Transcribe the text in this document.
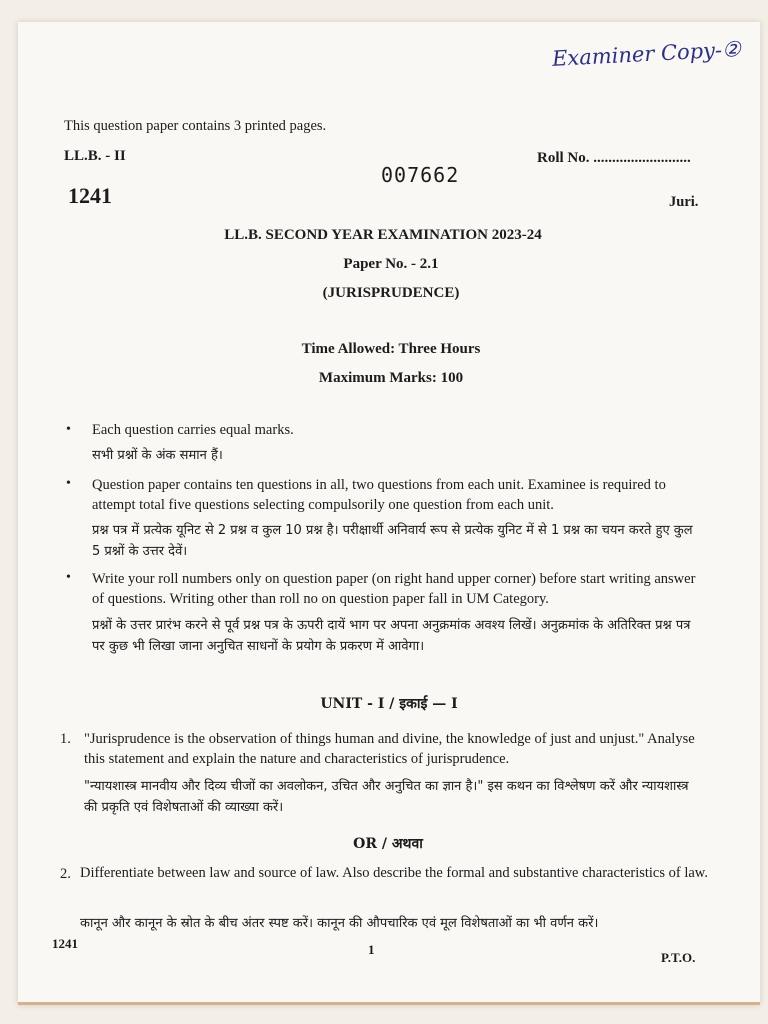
Examiner Copy-②
This question paper contains 3 printed pages.
LL.B. - II
007662
Roll No. ..........................
1241	Juri.
LL.B. SECOND YEAR EXAMINATION 2023-24
Paper No. - 2.1
(JURISPRUDENCE)
Time Allowed: Three Hours
Maximum Marks: 100
• Each question carries equal marks.
सभी प्रश्नों के अंक समान हैं।
• Question paper contains ten questions in all, two questions from each unit. Examinee is required to attempt total five questions selecting compulsorily one question from each unit.
प्रश्न पत्र में प्रत्येक यूनिट से 2 प्रश्न व कुल 10 प्रश्न है। परीक्षार्थी अनिवार्य रूप से प्रत्येक युनिट में से 1 प्रश्न का चयन करते हुए कुल 5 प्रश्नों के उत्तर देवें।
• Write your roll numbers only on question paper (on right hand upper corner) before start writing answer of questions. Writing other than roll no on question paper fall in UM Category.
प्रश्नों के उत्तर प्रारंभ करने से पूर्व प्रश्न पत्र के ऊपरी दायें भाग पर अपना अनुक्रमांक अवश्य लिखें। अनुक्रमांक के अतिरिक्त प्रश्न पत्र पर कुछ भी लिखा जाना अनुचित साधनों के प्रयोग के प्रकरण में आवेगा।
UNIT - I / इकाई — I
1. "Jurisprudence is the observation of things human and divine, the knowledge of just and unjust." Analyse this statement and explain the nature and characteristics of jurisprudence.
"न्यायशास्त्र मानवीय और दिव्य चीजों का अवलोकन, उचित और अनुचित का ज्ञान है।" इस कथन का विश्लेषण करें और न्यायशास्त्र की प्रकृति एवं विशेषताओं की व्याख्या करें।
OR / अथवा
2. Differentiate between law and source of law. Also describe the formal and substantive characteristics of law.
कानून और कानून के स्रोत के बीच अंतर स्पष्ट करें। कानून की औपचारिक एवं मूल विशेषताओं का भी वर्णन करें।
1241	1
P.T.O.
